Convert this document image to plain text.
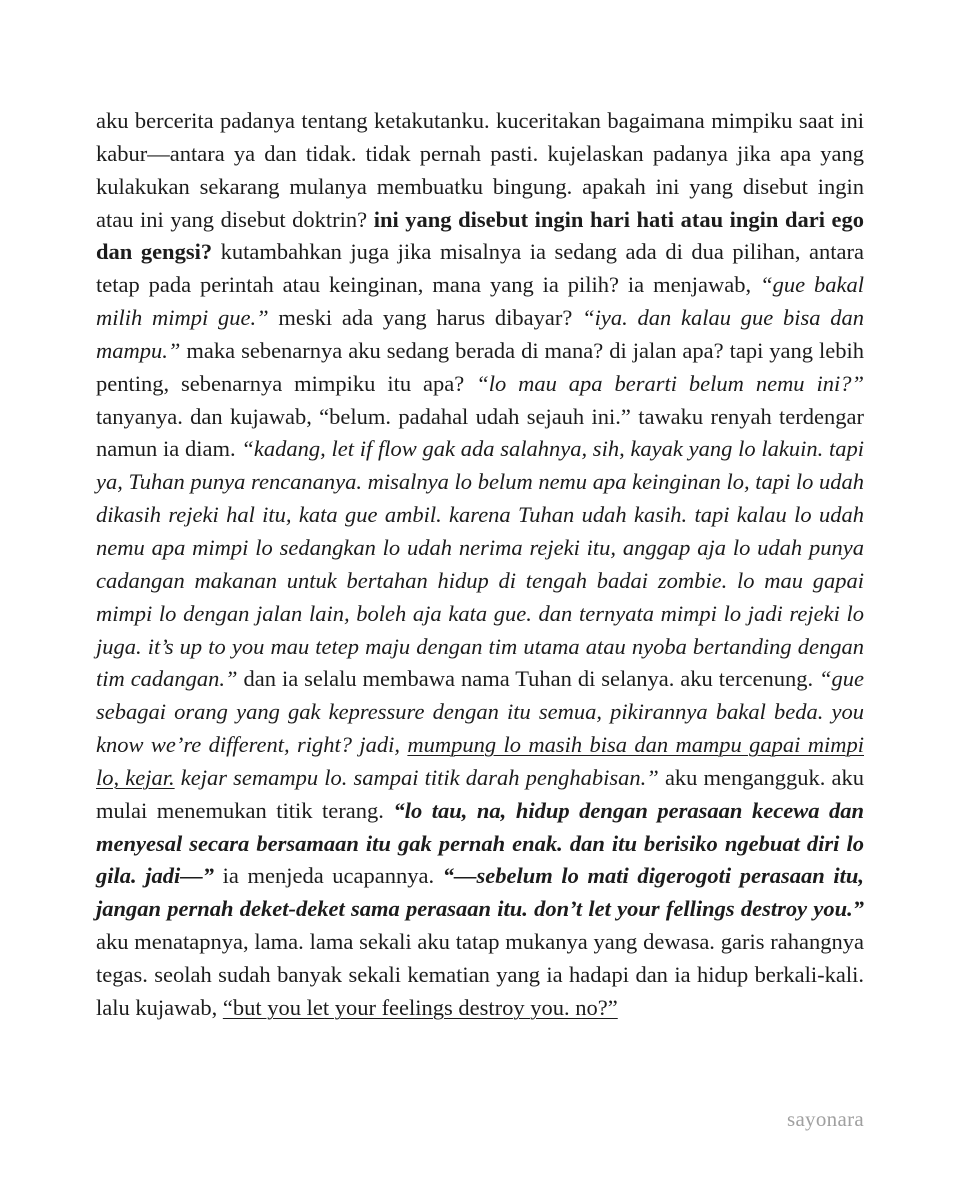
aku bercerita padanya tentang ketakutanku. kuceritakan bagaimana mimpiku saat ini kabur—antara ya dan tidak. tidak pernah pasti. kujelaskan padanya jika apa yang kulakukan sekarang mulanya membuatku bingung. apakah ini yang disebut ingin atau ini yang disebut doktrin? ini yang disebut ingin hari hati atau ingin dari ego dan gengsi? kutambahkan juga jika misalnya ia sedang ada di dua pilihan, antara tetap pada perintah atau keinginan, mana yang ia pilih? ia menjawab, “gue bakal milih mimpi gue.” meski ada yang harus dibayar? “iya. dan kalau gue bisa dan mampu.” maka sebenarnya aku sedang berada di mana? di jalan apa? tapi yang lebih penting, sebenarnya mimpiku itu apa? “lo mau apa berarti belum nemu ini?” tanyanya. dan kujawab, “belum. padahal udah sejauh ini.” tawaku renyah terdengar namun ia diam. “kadang, let if flow gak ada salahnya, sih, kayak yang lo lakuin. tapi ya, Tuhan punya rencananya. misalnya lo belum nemu apa keinginan lo, tapi lo udah dikasih rejeki hal itu, kata gue ambil. karena Tuhan udah kasih. tapi kalau lo udah nemu apa mimpi lo sedangkan lo udah nerima rejeki itu, anggap aja lo udah punya cadangan makanan untuk bertahan hidup di tengah badai zombie. lo mau gapai mimpi lo dengan jalan lain, boleh aja kata gue. dan ternyata mimpi lo jadi rejeki lo juga. it’s up to you mau tetep maju dengan tim utama atau nyoba bertanding dengan tim cadangan.” dan ia selalu membawa nama Tuhan di selanya. aku tercenung. “gue sebagai orang yang gak kepressure dengan itu semua, pikirannya bakal beda. you know we’re different, right? jadi, mumpung lo masih bisa dan mampu gapai mimpi lo, kejar. kejar semampu lo. sampai titik darah penghabisan.” aku mengangguk. aku mulai menemukan titik terang. “lo tau, na, hidup dengan perasaan kecewa dan menyesal secara bersamaan itu gak pernah enak. dan itu berisiko ngebuat diri lo gila. jadi—” ia menjeda ucapannya. “—sebelum lo mati digerogoti perasaan itu, jangan pernah deket-deket sama perasaan itu. don’t let your fellings destroy you.” aku menatapnya, lama. lama sekali aku tatap mukanya yang dewasa. garis rahangnya tegas. seolah sudah banyak sekali kematian yang ia hadapi dan ia hidup berkali-kali. lalu kujawab, “but you let your feelings destroy you. no?”

sayonara
